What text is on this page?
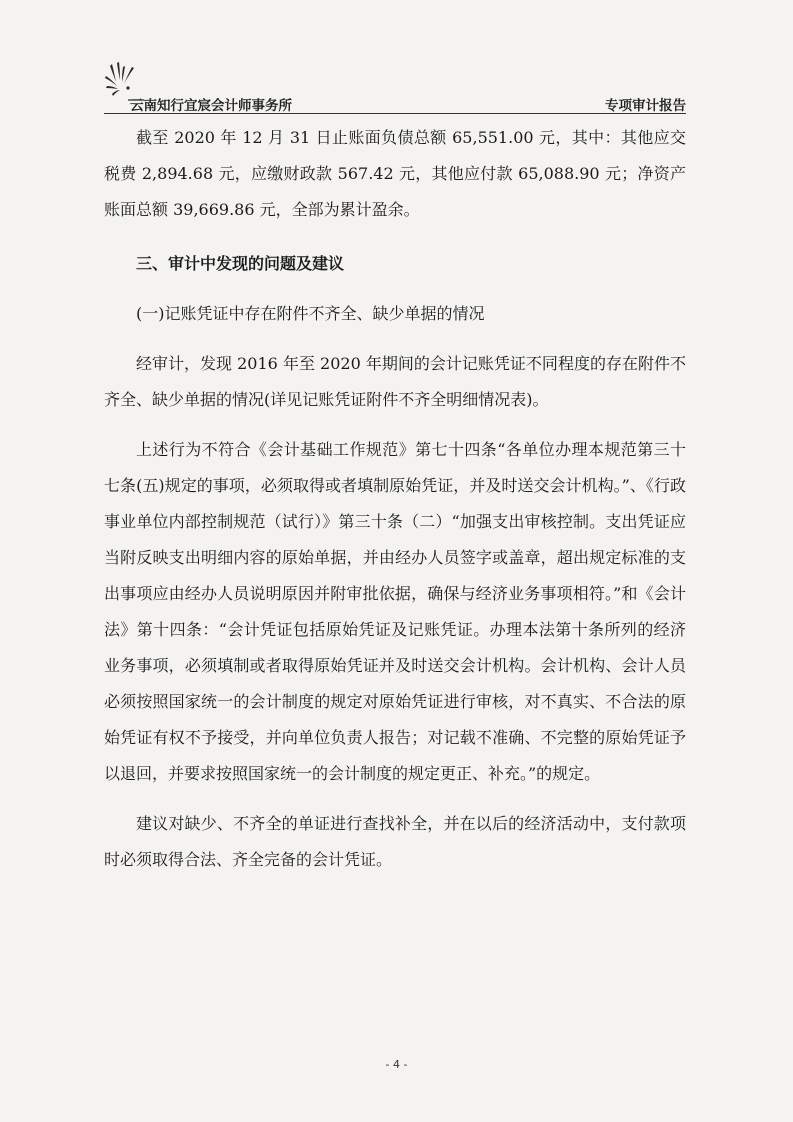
云南知行宜宸会计师事务所	专项审计报告

截至 2020 年 12 月 31 日止账面负债总额 65,551.00 元，其中：其他应交税费 2,894.68 元，应缴财政款 567.42 元，其他应付款 65,088.90 元；净资产账面总额 39,669.86 元，全部为累计盈余。

三、审计中发现的问题及建议

(一)记账凭证中存在附件不齐全、缺少单据的情况

经审计，发现 2016 年至 2020 年期间的会计记账凭证不同程度的存在附件不齐全、缺少单据的情况(详见记账凭证附件不齐全明细情况表)。

上述行为不符合《会计基础工作规范》第七十四条“各单位办理本规范第三十七条(五)规定的事项，必须取得或者填制原始凭证，并及时送交会计机构。”、《行政事业单位内部控制规范（试行）》第三十条（二）“加强支出审核控制。支出凭证应当附反映支出明细内容的原始单据，并由经办人员签字或盖章，超出规定标准的支出事项应由经办人员说明原因并附审批依据，确保与经济业务事项相符。”和《会计法》第十四条：“会计凭证包括原始凭证及记账凭证。办理本法第十条所列的经济业务事项，必须填制或者取得原始凭证并及时送交会计机构。会计机构、会计人员必须按照国家统一的会计制度的规定对原始凭证进行审核，对不真实、不合法的原始凭证有权不予接受，并向单位负责人报告；对记载不准确、不完整的原始凭证予以退回，并要求按照国家统一的会计制度的规定更正、补充。”的规定。

建议对缺少、不齐全的单证进行查找补全，并在以后的经济活动中，支付款项时必须取得合法、齐全完备的会计凭证。

- 4 -
